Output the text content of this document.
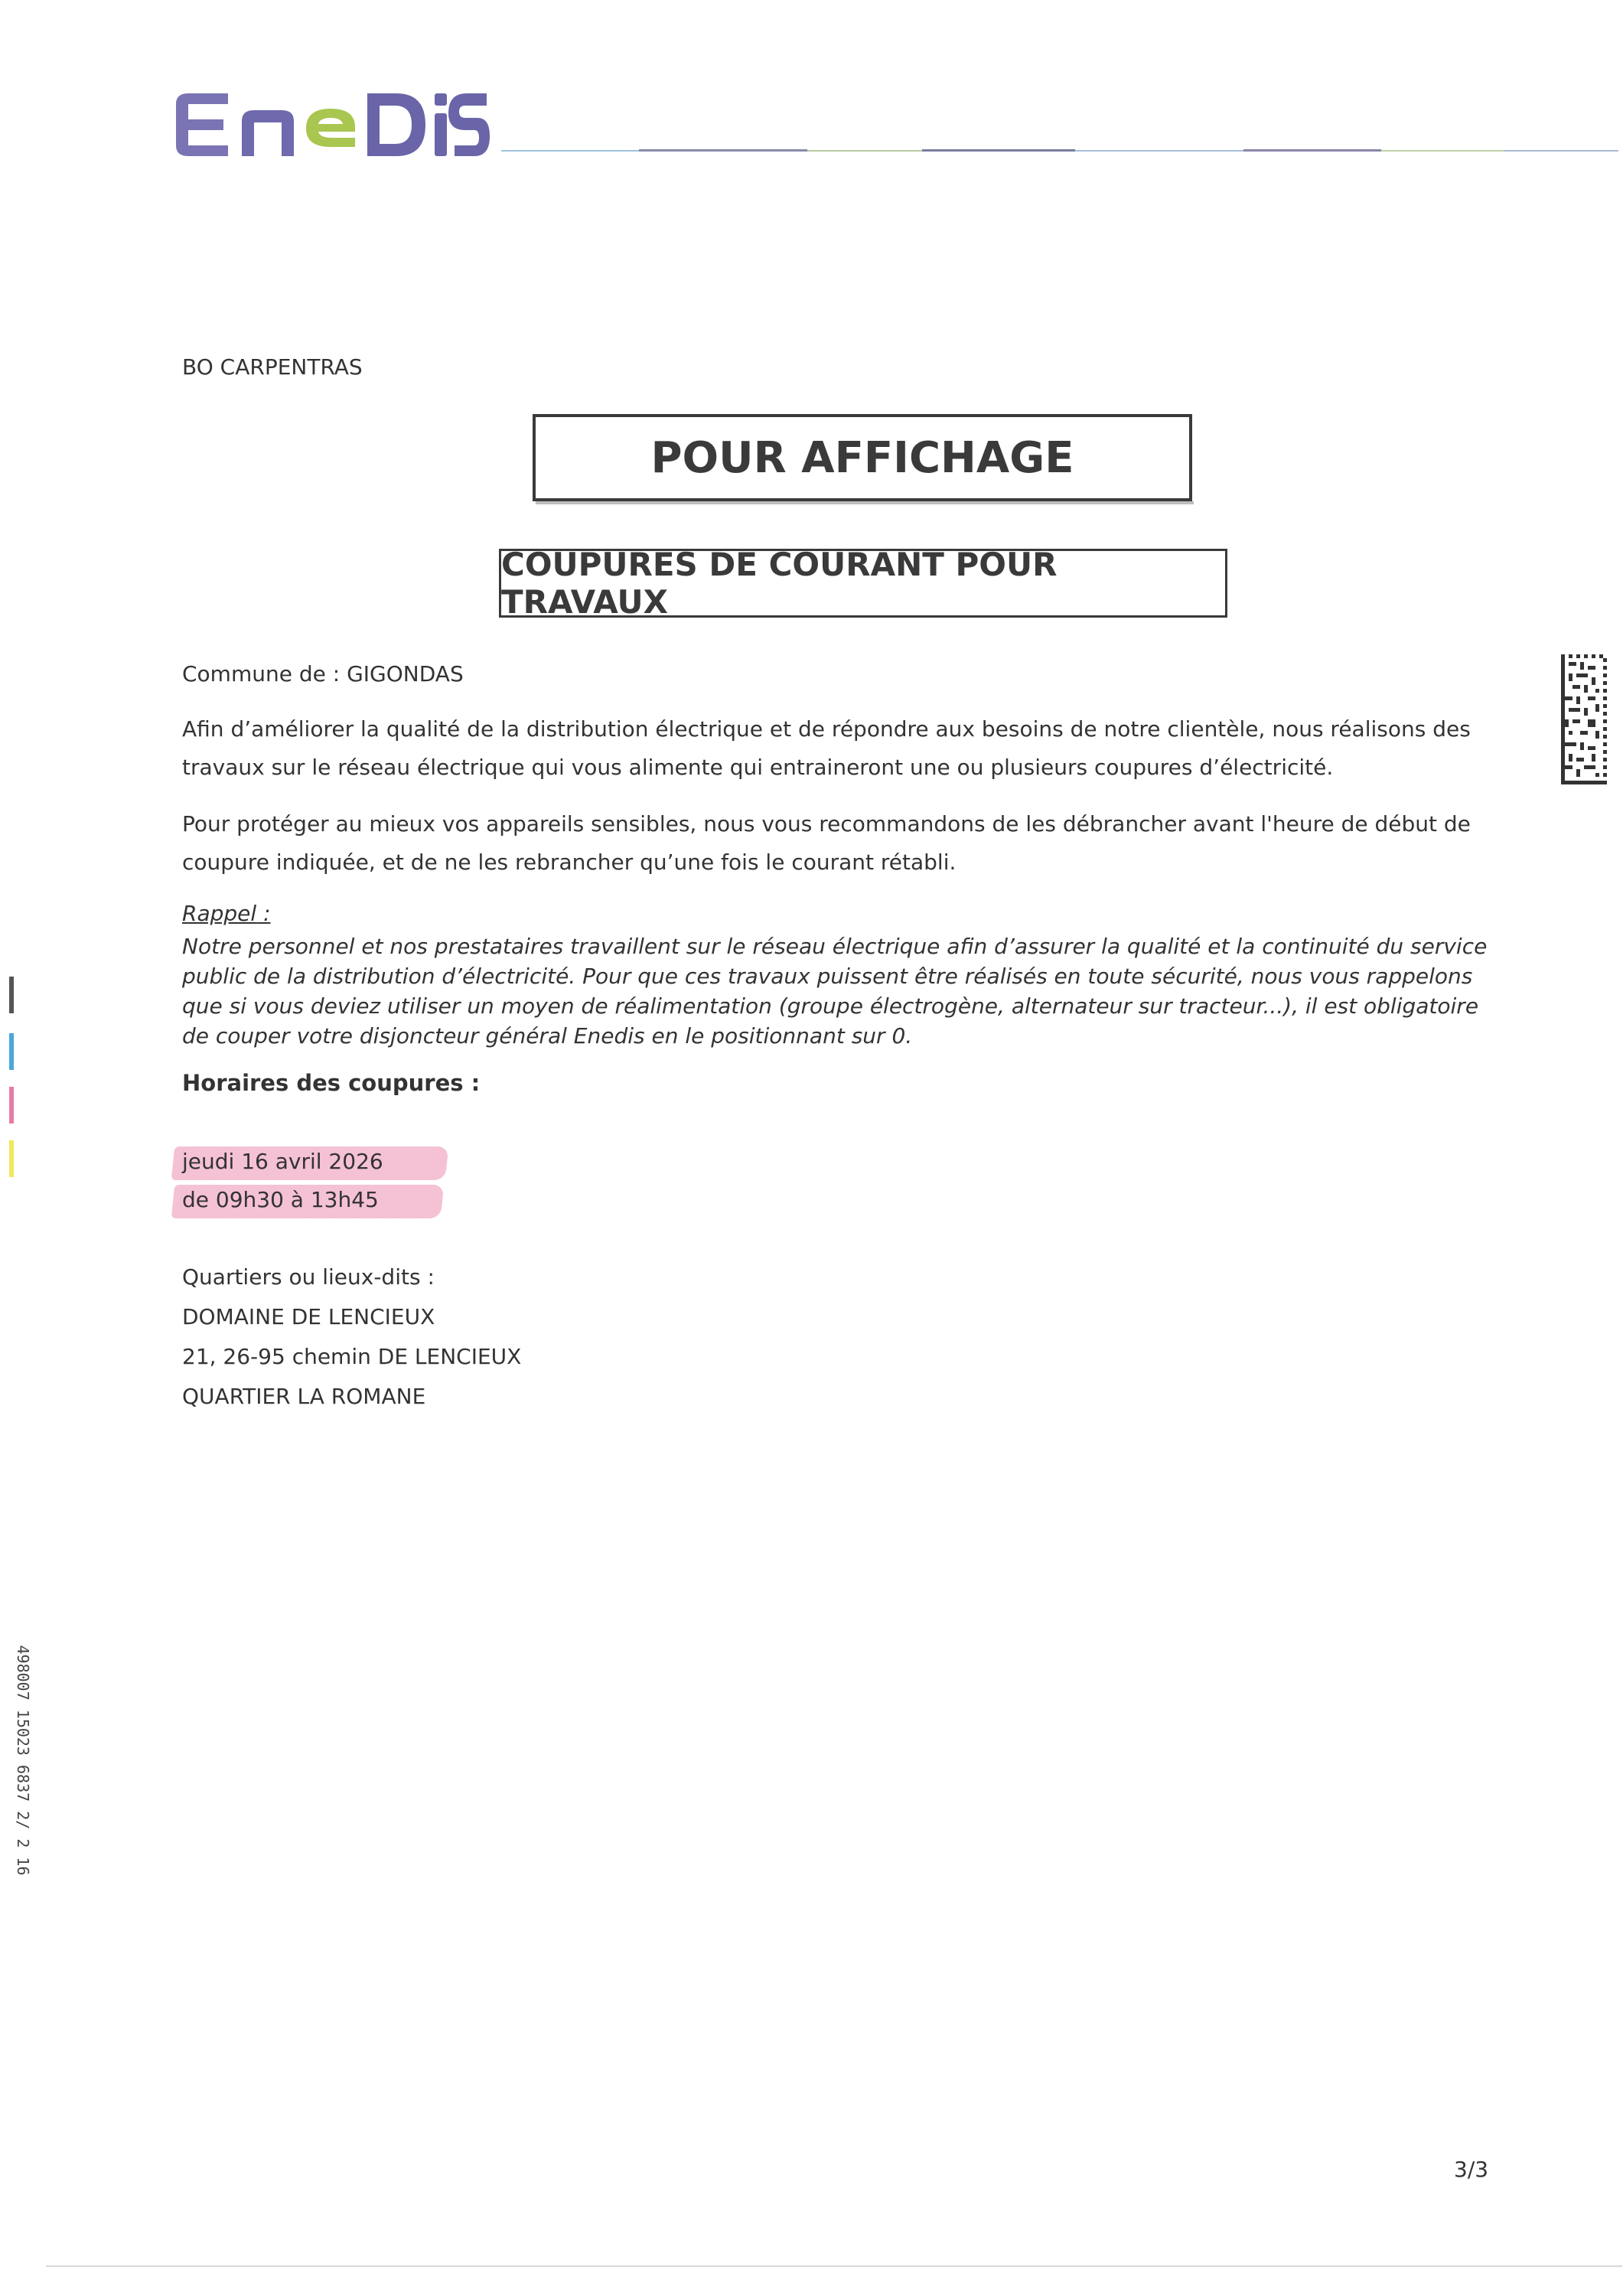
BO CARPENTRAS
POUR AFFICHAGE
COUPURES DE COURANT POUR TRAVAUX
Commune de : GIGONDAS
Afin d’améliorer la qualité de la distribution électrique et de répondre aux besoins de notre clientèle, nous réalisons des travaux sur le réseau électrique qui vous alimente qui entraineront une ou plusieurs coupures d’électricité.
Pour protéger au mieux vos appareils sensibles, nous vous recommandons de les débrancher avant l'heure de début de coupure indiquée, et de ne les rebrancher qu’une fois le courant rétabli.
Rappel :
Notre personnel et nos prestataires travaillent sur le réseau électrique afin d’assurer la qualité et la continuité du service public de la distribution d’électricité. Pour que ces travaux puissent être réalisés en toute sécurité, nous vous rappelons que si vous deviez utiliser un moyen de réalimentation (groupe électrogène, alternateur sur tracteur...), il est obligatoire de couper votre disjoncteur général Enedis en le positionnant sur 0.
Horaires des coupures :
jeudi 16 avril 2026
de 09h30 à 13h45
Quartiers ou lieux-dits :
DOMAINE DE LENCIEUX
21, 26-95 chemin DE LENCIEUX
QUARTIER LA ROMANE
3/3
498007 15023 6837 2/ 2 16
